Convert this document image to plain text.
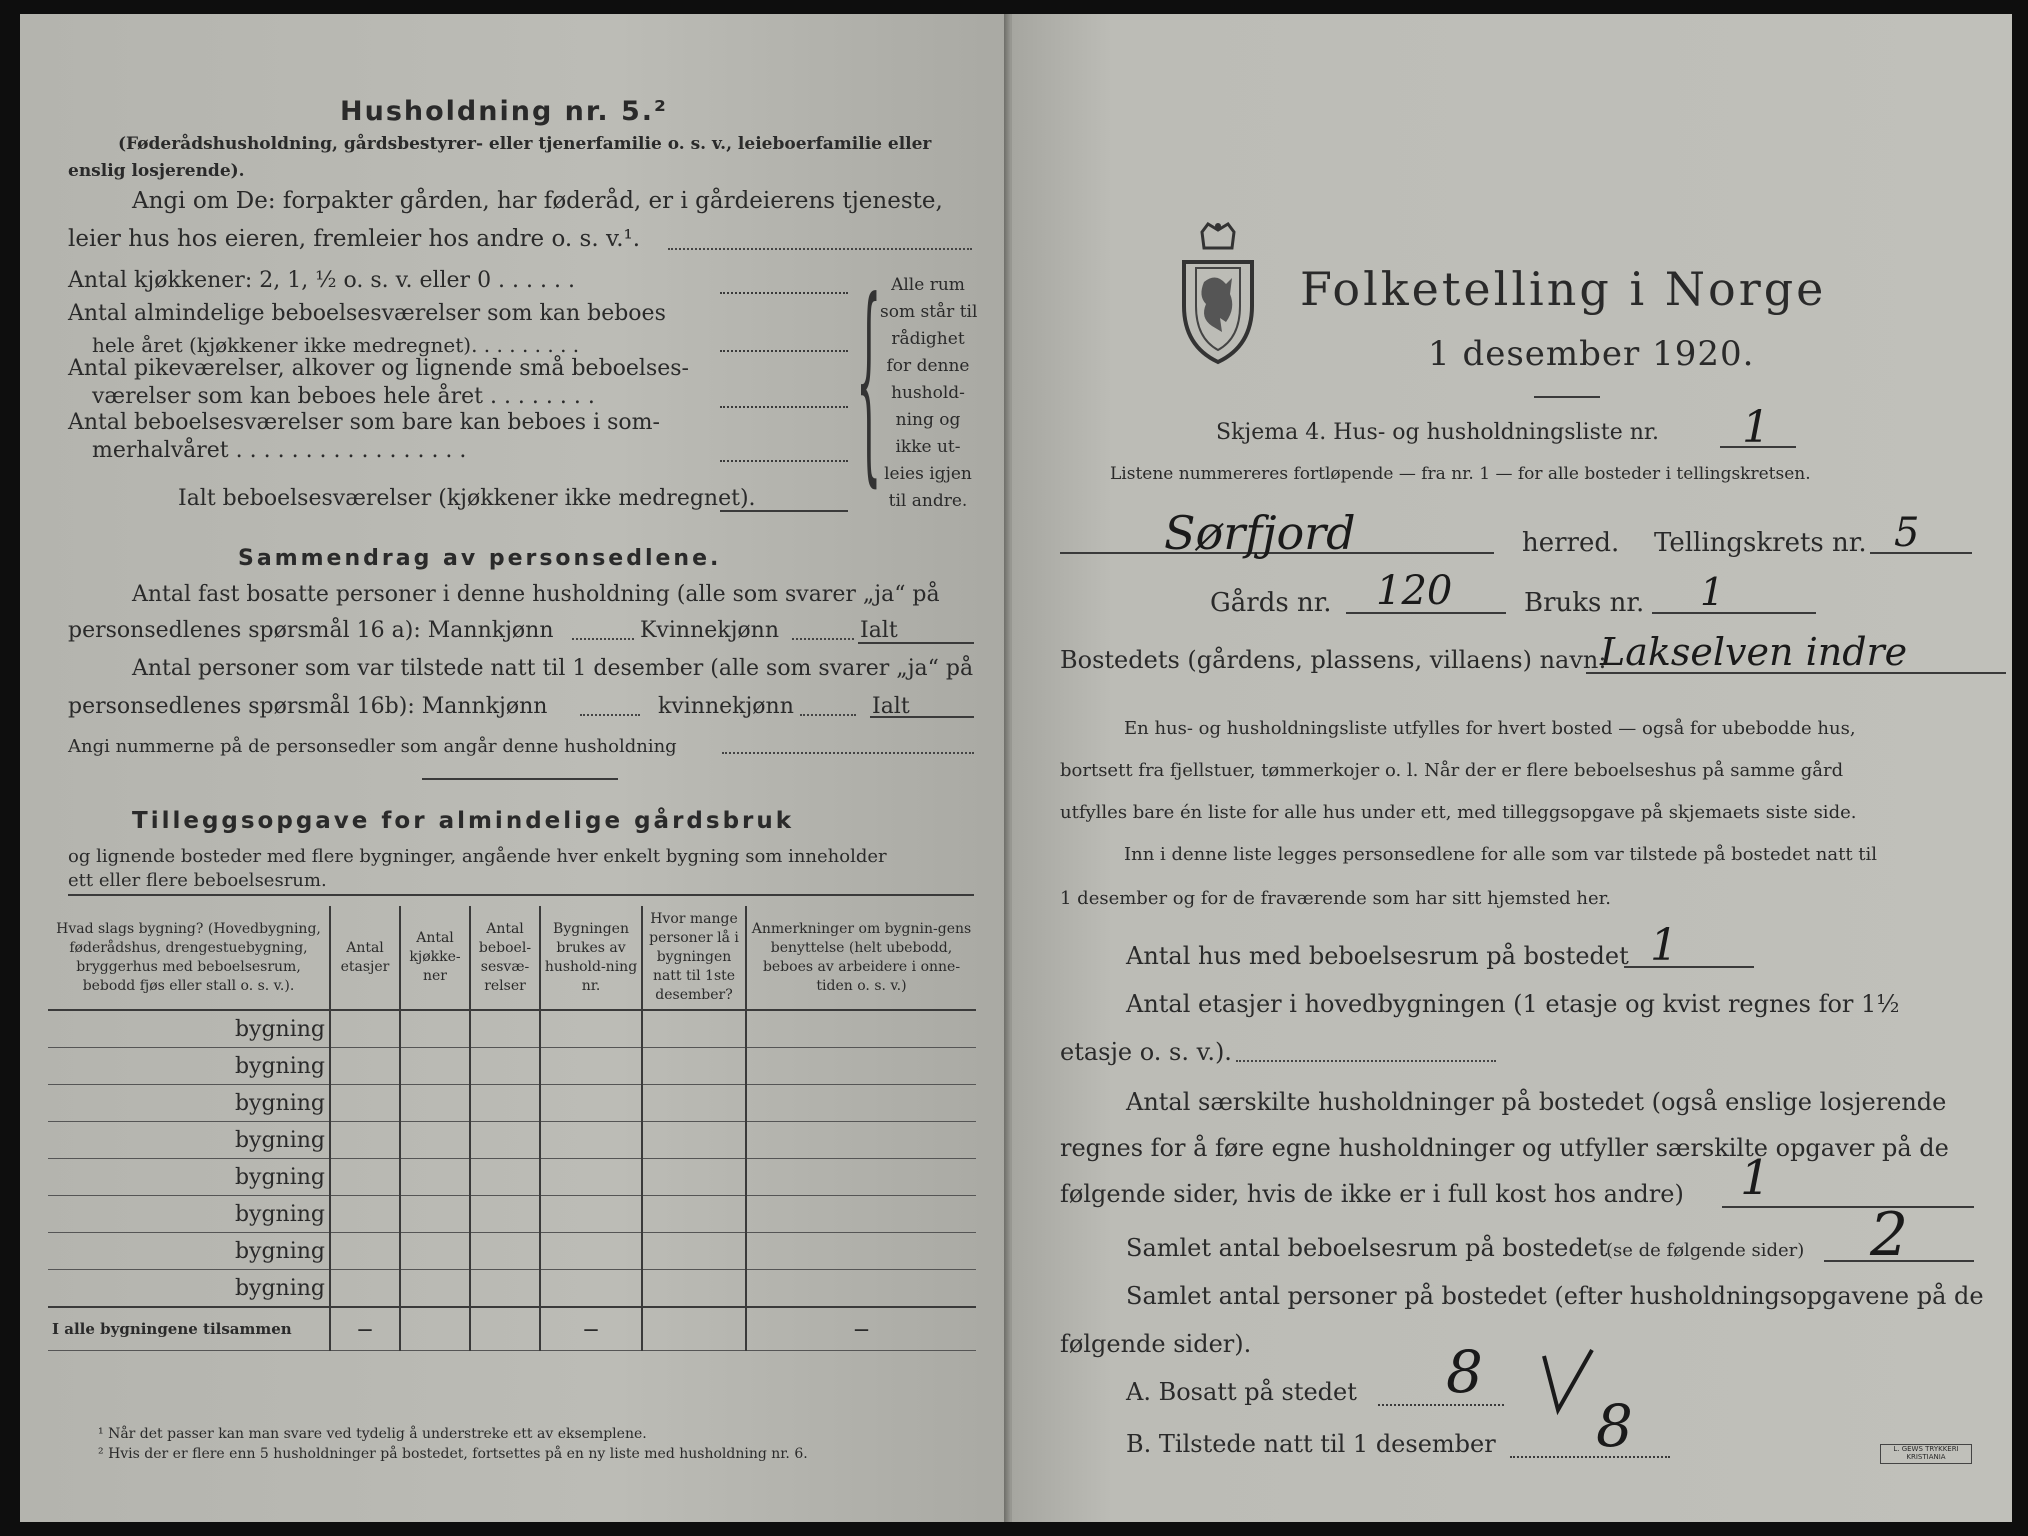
Husholdning nr. 5.²
(Føderådshusholdning, gårdsbestyrer- eller tjenerfamilie o. s. v., leieboerfamilie eller
enslig losjerende).
Angi om De: forpakter gården, har føderåd, er i gårdeierens tjeneste,
leier hus hos eieren, fremleier hos andre o. s. v.¹.
Antal kjøkkener: 2, 1, ½ o. s. v. eller 0 . . . . . .
Antal almindelige beboelsesværelser som kan beboes
hele året (kjøkkener ikke medregnet). . . . . . . . .
Antal pikeværelser, alkover og lignende små beboelses-
værelser som kan beboes hele året . . . . . . . .
Antal beboelsesværelser som bare kan beboes i som-
merhalvåret . . . . . . . . . . . . . . . . .	{ Alle rum
som står til
rådighet
for denne
hushold-
ning og
ikke ut-
leies igjen
til andre.
Ialt beboelsesværelser (kjøkkener ikke medregnet).
Sammendrag av personsedlene.
Antal fast bosatte personer i denne husholdning (alle som svarer „ja“ på
personsedlenes spørsmål 16 a): Mannkjønn	Kvinnekjønn	Ialt
Antal personer som var tilstede natt til 1 desember (alle som svarer „ja“ på
personsedlenes spørsmål 16b): Mannkjønn	kvinnekjønn	Ialt
Angi nummerne på de personsedler som angår denne husholdning
Tilleggsopgave for almindelige gårdsbruk
og lignende bosteder med flere bygninger, angående hver enkelt bygning som inneholder
ett eller flere beboelsesrum.
Hvad slags bygning? (Hovedbygning, føderådshus, drengestuebygning, bryggerhus med beboelsesrum, bebodd fjøs eller stall o. s. v.).	Antal etasjer	Antal kjøkke-ner	Antal beboel-sesvæ-relser	Bygningen brukes av hushold-ning nr.	Hvor mange personer lå i bygningen natt til 1ste desember?	Anmerkninger om bygnin-gens benyttelse (helt ubebodd, beboes av arbeidere i onne-tiden o. s. v.)
bygning						
bygning						
bygning						
bygning						
bygning						
bygning						
bygning						
bygning						
I alle bygningene tilsammen	—			—		—
¹ Når det passer kan man svare ved tydelig å understreke ett av eksemplene.
² Hvis der er flere enn 5 husholdninger på bostedet, fortsettes på en ny liste med husholdning nr. 6.
Folketelling i Norge
1 desember 1920.
Skjema 4. Hus- og husholdningsliste nr. 1
Listene nummereres fortløpende — fra nr. 1 — for alle bosteder i tellingskretsen.
Sørfjord	herred. Tellingskrets nr. 5
Gårds nr. 120	Bruks nr. 1
Bostedets (gårdens, plassens, villaens) navn:
Lakselven indre
En hus- og husholdningsliste utfylles for hvert bosted — også for ubebodde hus,
bortsett fra fjellstuer, tømmerkojer o. l. Når der er flere beboelseshus på samme gård
utfylles bare én liste for alle hus under ett, med tilleggsopgave på skjemaets siste side.
Inn i denne liste legges personsedlene for alle som var tilstede på bostedet natt til
1 desember og for de fraværende som har sitt hjemsted her.
Antal hus med beboelsesrum på bostedet 1
Antal etasjer i hovedbygningen (1 etasje og kvist regnes for 1½
etasje o. s. v.).
Antal særskilte husholdninger på bostedet (også enslige losjerende
regnes for å føre egne husholdninger og utfyller særskilte opgaver på de
følgende sider, hvis de ikke er i full kost hos andre) 1
Samlet antal beboelsesrum på bostedet
(se de følgende sider) 2
Samlet antal personer på bostedet (efter husholdningsopgavene på de
følgende sider).
A. Bosatt på stedet 8
B. Tilstede natt til 1 desember 8	L. GEWS TRYKKERI KRISTIANIA
